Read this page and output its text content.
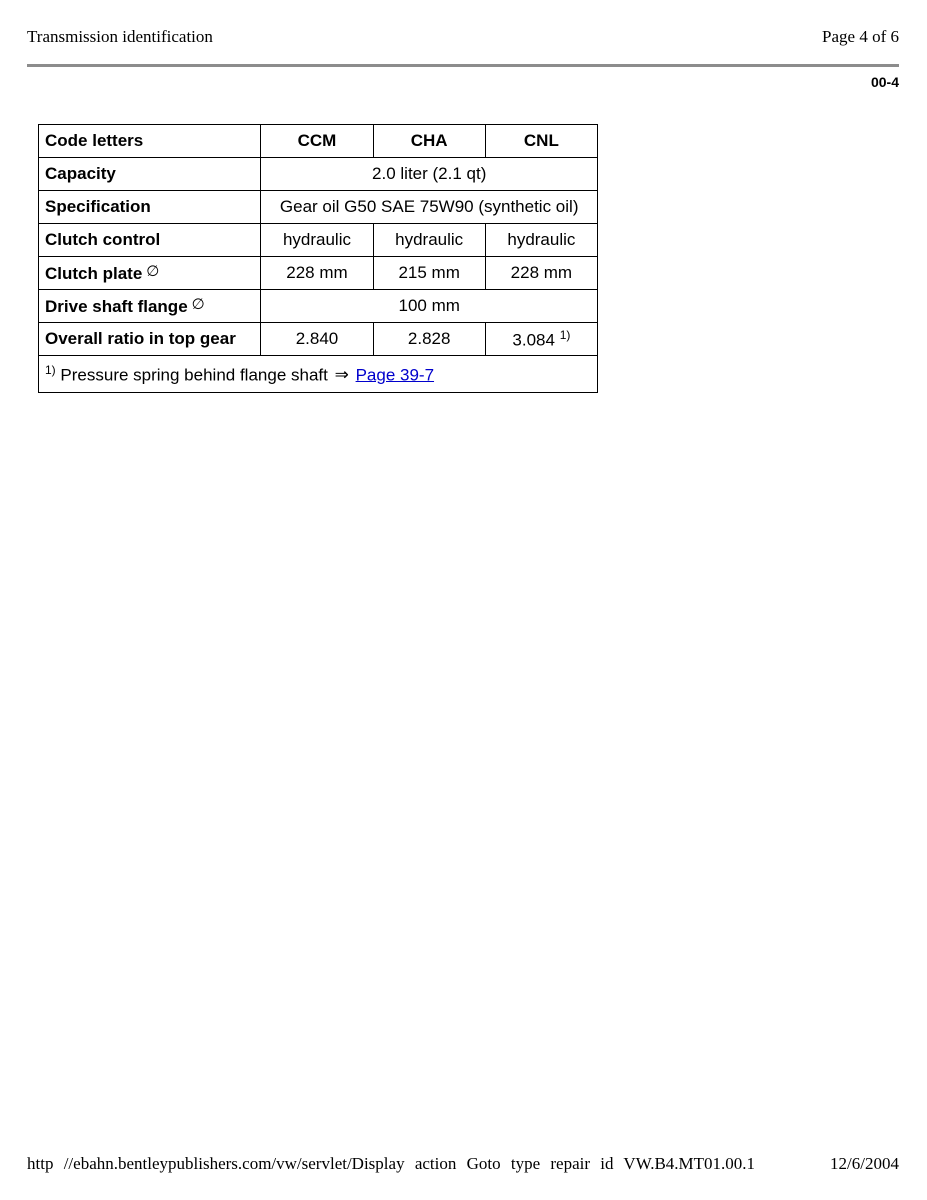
Transmission identification	Page 4 of 6
00-4
Code letters	CCM	CHA	CNL
Capacity	2.0 liter (2.1 qt)		
Specification	Gear oil G50 SAE 75W90 (synthetic oil)		
Clutch control	hydraulic	hydraulic	hydraulic
Clutch plate ∅	228 mm	215 mm	228 mm
Drive shaft flange ∅	100 mm		
Overall ratio in top gear	2.840	2.828	3.084 $^{1)}$
$^{1)}$ Pressure spring behind flange shaft ⇒ Page 39-7			
http //ebahn.bentleypublishers.com/vw/servlet/Display action Goto type repair id VW.B4.MT01.00.1	12/6/2004
